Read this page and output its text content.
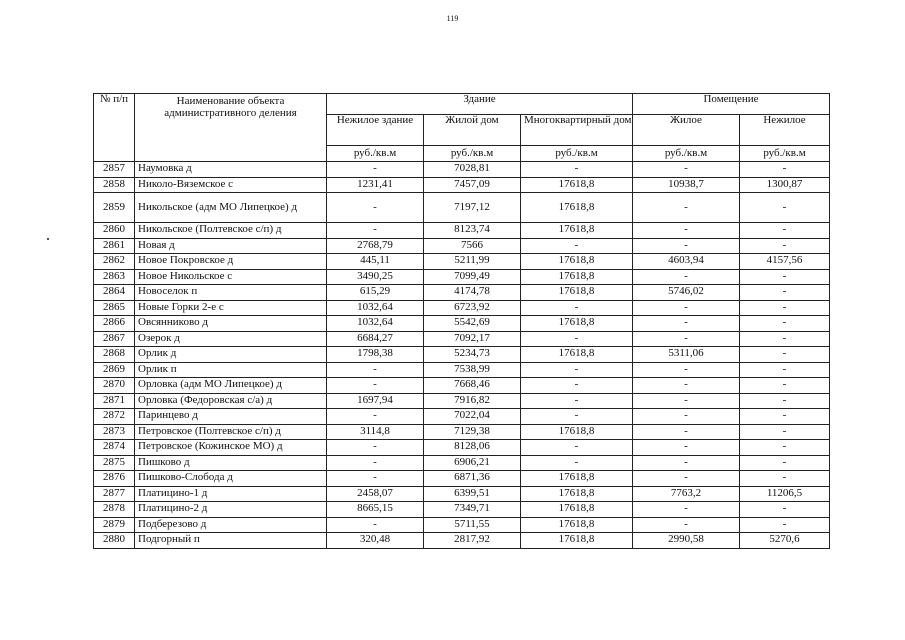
119
№ п/п	Наименование объекта административного деления	Здание			Помещение	
		Нежилое здание	Жилой дом	Многоквартирный дом	Жилое	Нежилое
		руб./кв.м	руб./кв.м	руб./кв.м	руб./кв.м	руб./кв.м
2857	Наумовка д	-	7028,81	-	-	-
2858	Николо-Вяземское с	1231,41	7457,09	17618,8	10938,7	1300,87
2859	Никольское (адм МО Липецкое) д	-	7197,12	17618,8	-	-
2860	Никольское (Полтевское с/п) д	-	8123,74	17618,8	-	-
2861	Новая д	2768,79	7566	-	-	-
2862	Новое Покровское д	445,11	5211,99	17618,8	4603,94	4157,56
2863	Новое Никольское с	3490,25	7099,49	17618,8	-	-
2864	Новоселок п	615,29	4174,78	17618,8	5746,02	-
2865	Новые Горки 2-е с	1032,64	6723,92	-	-	-
2866	Овсянниково д	1032,64	5542,69	17618,8	-	-
2867	Озерок д	6684,27	7092,17	-	-	-
2868	Орлик д	1798,38	5234,73	17618,8	5311,06	-
2869	Орлик п	-	7538,99	-	-	-
2870	Орловка (адм МО Липецкое) д	-	7668,46	-	-	-
2871	Орловка (Федоровская с/а) д	1697,94	7916,82	-	-	-
2872	Паринцево д	-	7022,04	-	-	-
2873	Петровское (Полтевское с/п) д	3114,8	7129,38	17618,8	-	-
2874	Петровское (Кожинское МО) д	-	8128,06	-	-	-
2875	Пишково д	-	6906,21	-	-	-
2876	Пишково-Слобода д	-	6871,36	17618,8	-	-
2877	Платицино-1 д	2458,07	6399,51	17618,8	7763,2	11206,5
2878	Платицино-2 д	8665,15	7349,71	17618,8	-	-
2879	Подберезово д	-	5711,55	17618,8	-	-
2880	Подгорный п	320,48	2817,92	17618,8	2990,58	5270,6
